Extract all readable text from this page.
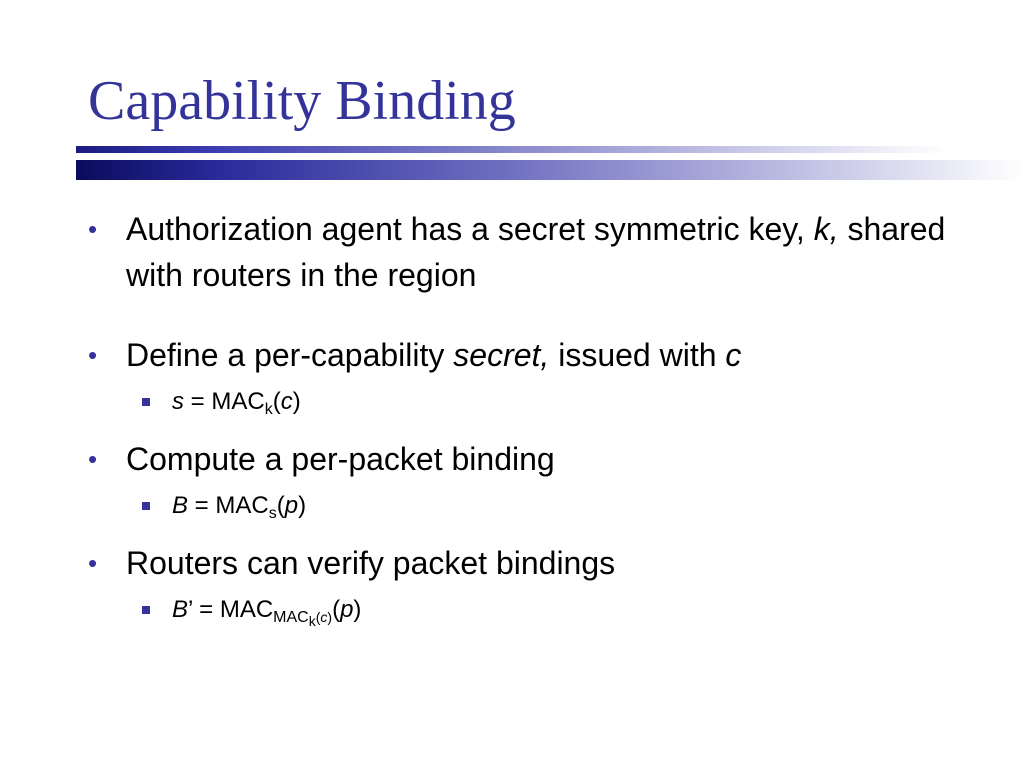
Capability Binding

• Authorization agent has a secret symmetric key, k, shared with routers in the region

• Define a per-capability secret, issued with c

$s = MAC_k(c)$

• Compute a per-packet binding

$B = MAC_s(p)$

• Routers can verify packet bindings

B’ = $MAC_{MAC_k(c)}(p)$
